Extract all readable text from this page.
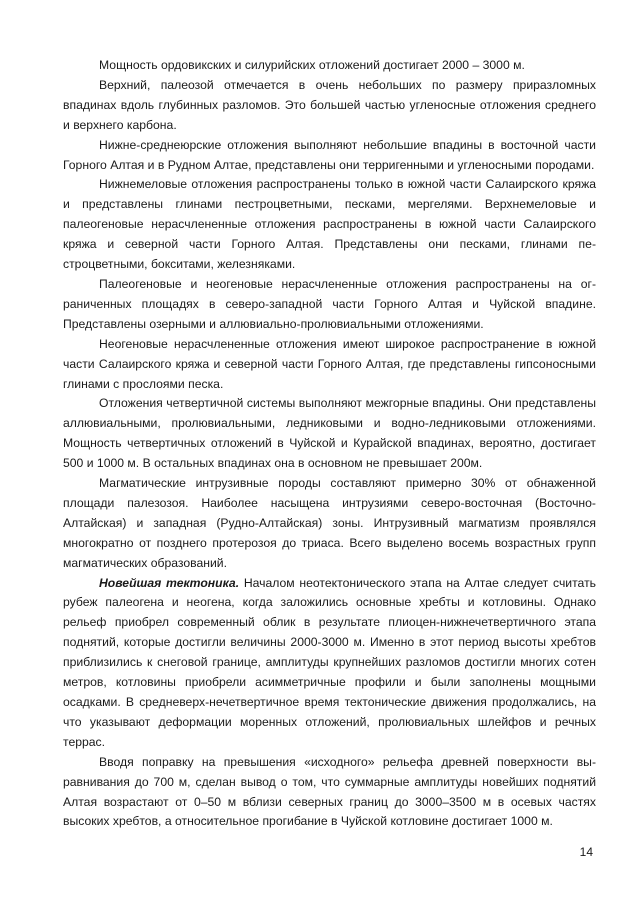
Мощность ордовикских и силурийских отложений достигает 2000 – 3000 м.

Верхний, палеозой отмечается в очень небольших по размеру приразломных впадинах вдоль глубинных разломов. Это большей частью угленосные отложения среднего и верхнего карбона.

Нижне-среднеюрские отложения выполняют небольшие впадины в восточной части Горного Алтая и в Рудном Алтае, представлены они терригенными и угленосными породами.

Нижнемеловые отложения распространены только в южной части Салаирского кряжа и представлены глинами пестроцветными, песками, мергелями. Верхнемеловые и палеогеновые нерасчлененные отложения распространены в южной части Салаирского кряжа и северной части Горного Алтая. Представлены они песками, глинами пестроцветными, бокситами, железняками.

Палеогеновые и неогеновые нерасчлененные отложения распространены на ограниченных площадях в северо-западной части Горного Алтая и Чуйской впадине. Представлены озерными и аллювиально-пролювиальными отложениями.

Неогеновые нерасчлененные отложения имеют широкое распространение в южной части Салаирского кряжа и северной части Горного Алтая, где представлены гипсоносными глинами с прослоями песка.

Отложения четвертичной системы выполняют межгорные впадины. Они представлены аллювиальными, пролювиальными, ледниковыми и водно-ледниковыми отложениями. Мощность четвертичных отложений в Чуйской и Курайской впадинах, вероятно, достигает 500 и 1000 м. В остальных впадинах она в основном не превышает 200м.

Магматические интрузивные породы составляют примерно 30% от обнаженной площади палезозоя. Наиболее насыщена интрузиями северо-восточная (Восточно-Алтайская) и западная (Рудно-Алтайская) зоны. Интрузивный магматизм проявлялся многократно от позднего протерозоя до триаса. Всего выделено восемь возрастных групп магматических образований.

Новейшая тектоника. Началом неотектонического этапа на Алтае следует считать рубеж палеогена и неогена, когда заложились основные хребты и котловины. Однако рельеф приобрел современный облик в результате плиоцен-нижнечетвертичного этапа поднятий, которые достигли величины 2000-3000 м. Именно в этот период высоты хребтов приблизились к снеговой границе, амплитуды крупнейших разломов достигли многих сотен метров, котловины приобрели асимметричные профили и были заполнены мощными осадками. В средневерх-нечетвертичное время тектонические движения продолжались, на что указывают деформации моренных отложений, пролювиальных шлейфов и речных террас.

Вводя поправку на превышения «исходного» рельефа древней поверхности выравнивания до 700 м, сделан вывод о том, что суммарные амплитуды новейших поднятий Алтая возрастают от 0–50 м вблизи северных границ до 3000–3500 м в осевых частях высоких хребтов, а относительное прогибание в Чуйской котловине достигает 1000 м.

14
